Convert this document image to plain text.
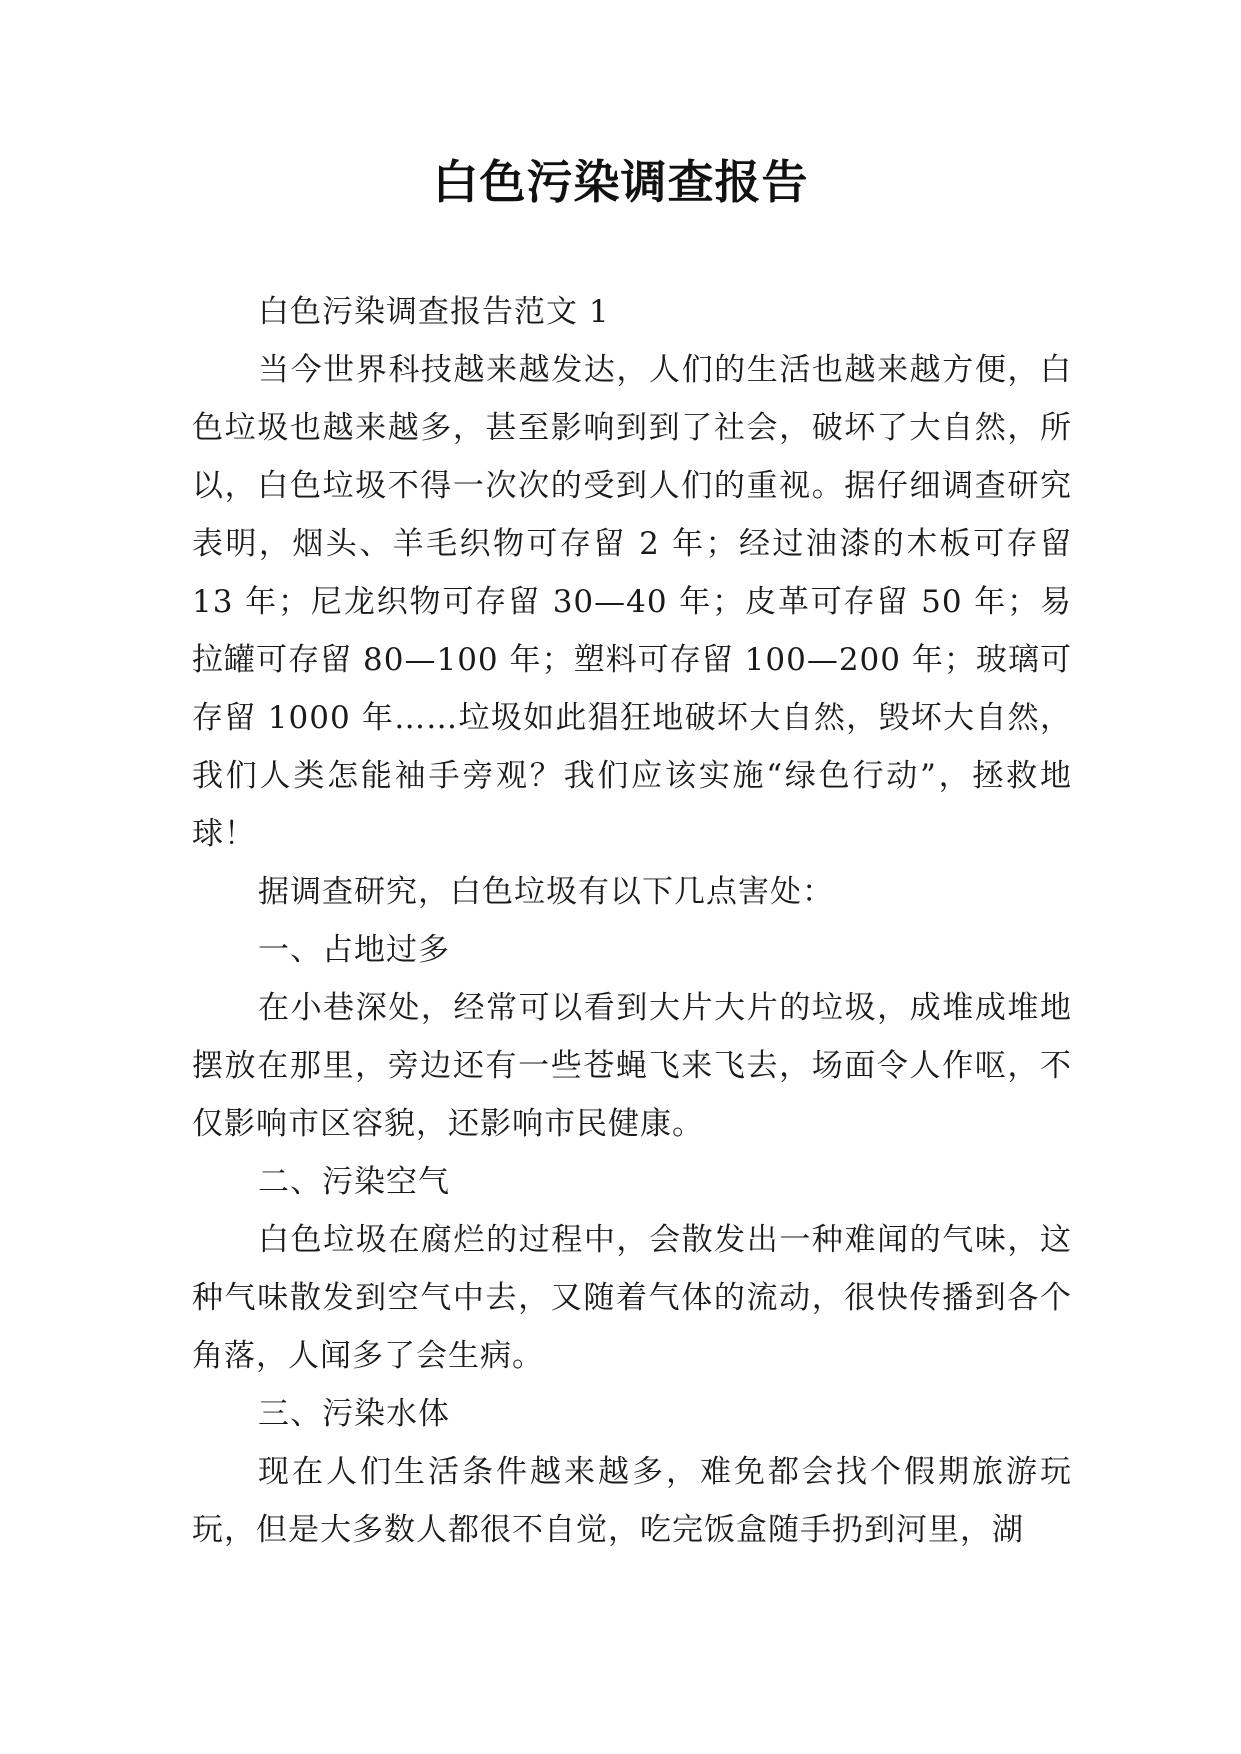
白色污染调查报告

白色污染调查报告范文 1

当今世界科技越来越发达，人们的生活也越来越方便，白色垃圾也越来越多，甚至影响到到了社会，破坏了大自然，所以，白色垃圾不得一次次的受到人们的重视。据仔细调查研究表明，烟头、羊毛织物可存留 2 年；经过油漆的木板可存留 13 年；尼龙织物可存留 30—40 年；皮革可存留 50 年；易拉罐可存留 80—100 年；塑料可存留 100—200 年；玻璃可存留 1000 年……垃圾如此猖狂地破坏大自然，毁坏大自然，我们人类怎能袖手旁观？我们应该实施“绿色行动”，拯救地球！

据调查研究，白色垃圾有以下几点害处：

一、占地过多

在小巷深处，经常可以看到大片大片的垃圾，成堆成堆地摆放在那里，旁边还有一些苍蝇飞来飞去，场面令人作呕，不仅影响市区容貌，还影响市民健康。

二、污染空气

白色垃圾在腐烂的过程中，会散发出一种难闻的气味，这种气味散发到空气中去，又随着气体的流动，很快传播到各个角落，人闻多了会生病。

三、污染水体

现在人们生活条件越来越多，难免都会找个假期旅游玩玩，但是大多数人都很不自觉，吃完饭盒随手扔到河里，湖
